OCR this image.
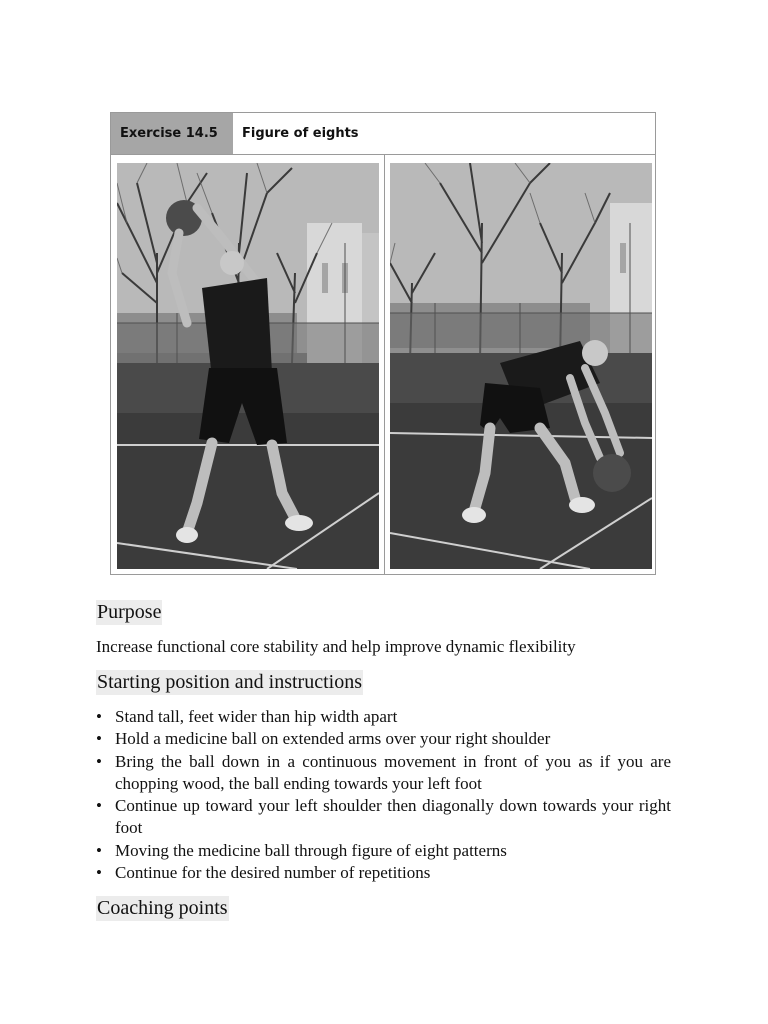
Exercise 14.5	Figure of eights
Purpose
Increase functional core stability and help improve dynamic flexibility
Starting position and instructions
• Stand tall, feet wider than hip width apart
• Hold a medicine ball on extended arms over your right shoulder
• Bring the ball down in a continuous movement in front of you as if you are chopping wood, the ball ending towards your left foot
• Continue up toward your left shoulder then diagonally down towards your right foot
• Moving the medicine ball through figure of eight patterns
• Continue for the desired number of repetitions
Coaching points
